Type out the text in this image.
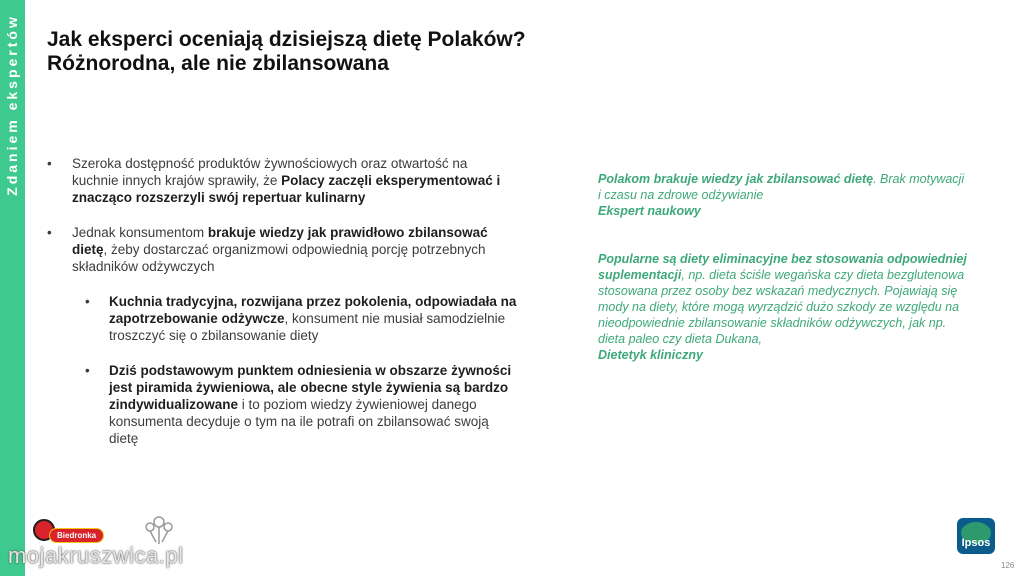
Zdaniem ekspertów Jak eksperci oceniają dzisiejszą dietę Polaków?
Różnorodna, ale nie zbilansowana
• Szeroka dostępność produktów żywnościowych oraz otwartość na kuchnie innych krajów sprawiły, że Polacy zaczęli eksperymentować i znacząco rozszerzyli swój repertuar kulinarny
• Jednak konsumentom brakuje wiedzy jak prawidłowo zbilansować dietę, żeby dostarczać organizmowi odpowiednią porcję potrzebnych składników odżywczych
• Kuchnia tradycyjna, rozwijana przez pokolenia, odpowiadała na zapotrzebowanie odżywcze, konsument nie musiał samodzielnie troszczyć się o zbilansowanie diety
• Dziś podstawowym punktem odniesienia w obszarze żywności jest piramida żywieniowa, ale obecne style żywienia są bardzo zindywidualizowane i to poziom wiedzy żywieniowej danego konsumenta decyduje o tym na ile potrafi on zbilansować swoją dietę
Polakom brakuje wiedzy jak zbilansować dietę. Brak motywacji i czasu na zdrowe odżywianie
Ekspert naukowy
Popularne są diety eliminacyjne bez stosowania odpowiedniej suplementacji, np. dieta ściśle wegańska czy dieta bezglutenowa stosowana przez osoby bez wskazań medycznych. Pojawiają się mody na diety, które mogą wyrządzić dużo szkody ze względu na nieodpowiednie zbilansowanie składników odżywczych, jak np. dieta paleo czy dieta Dukana,
Dietetyk kliniczny
Biedronka
mojakruszwica.pl	Ipsos
126
